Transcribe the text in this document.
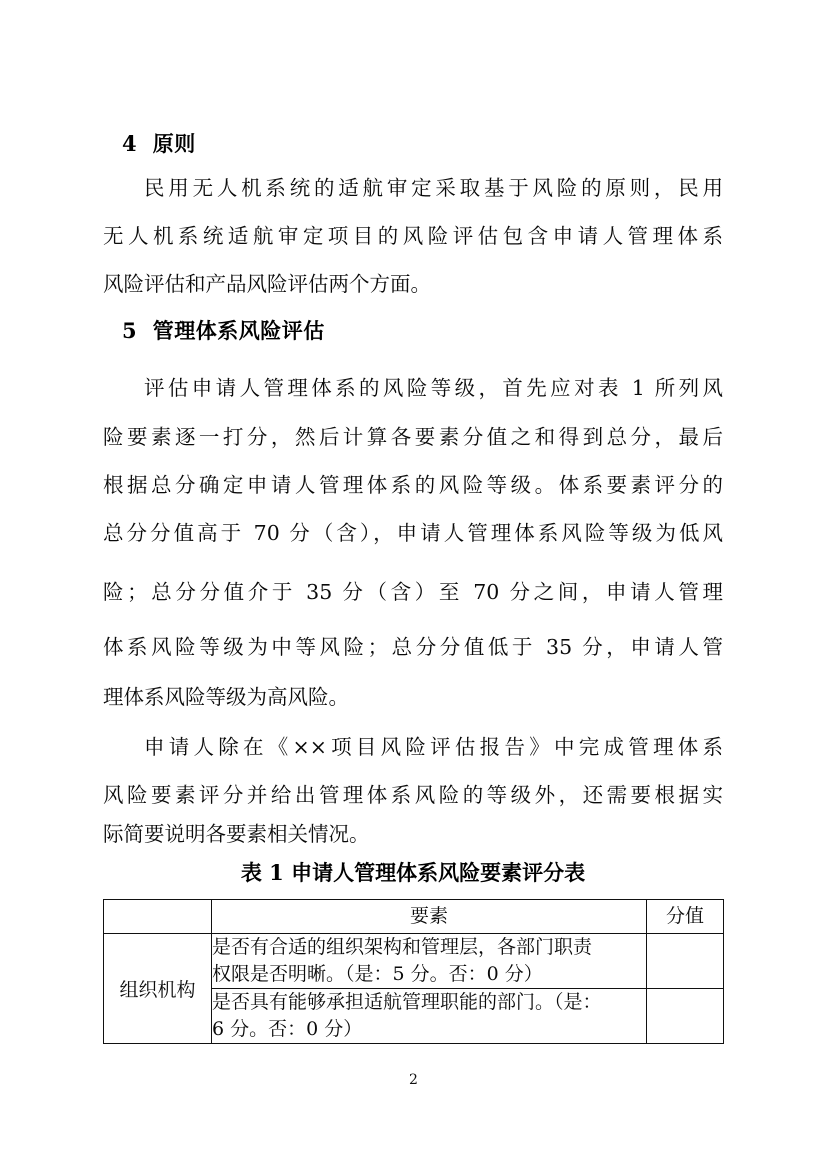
4  原则
民用无人机系统的适航审定采取基于风险的原则，民用
无人机系统适航审定项目的风险评估包含申请人管理体系
风险评估和产品风险评估两个方面。
5  管理体系风险评估
评估申请人管理体系的风险等级，首先应对表 1 所列风
险要素逐一打分，然后计算各要素分值之和得到总分，最后
根据总分确定申请人管理体系的风险等级。体系要素评分的
总分分值高于 70 分（含），申请人管理体系风险等级为低风
险；总分分值介于 35 分（含）至 70 分之间，申请人管理
体系风险等级为中等风险；总分分值低于 35 分，申请人管
理体系风险等级为高风险。
申请人除在《××项目风险评估报告》中完成管理体系
风险要素评分并给出管理体系风险的等级外，还需要根据实
际简要说明各要素相关情况。
表 1 申请人管理体系风险要素评分表
	要素	分值
组织机构	是否有合适的组织架构和管理层，各部门职责
权限是否明晰。（是：5 分。否：0 分）	

	是否具有能够承担适航管理职能的部门。（是：
6 分。否：0 分）	

2
